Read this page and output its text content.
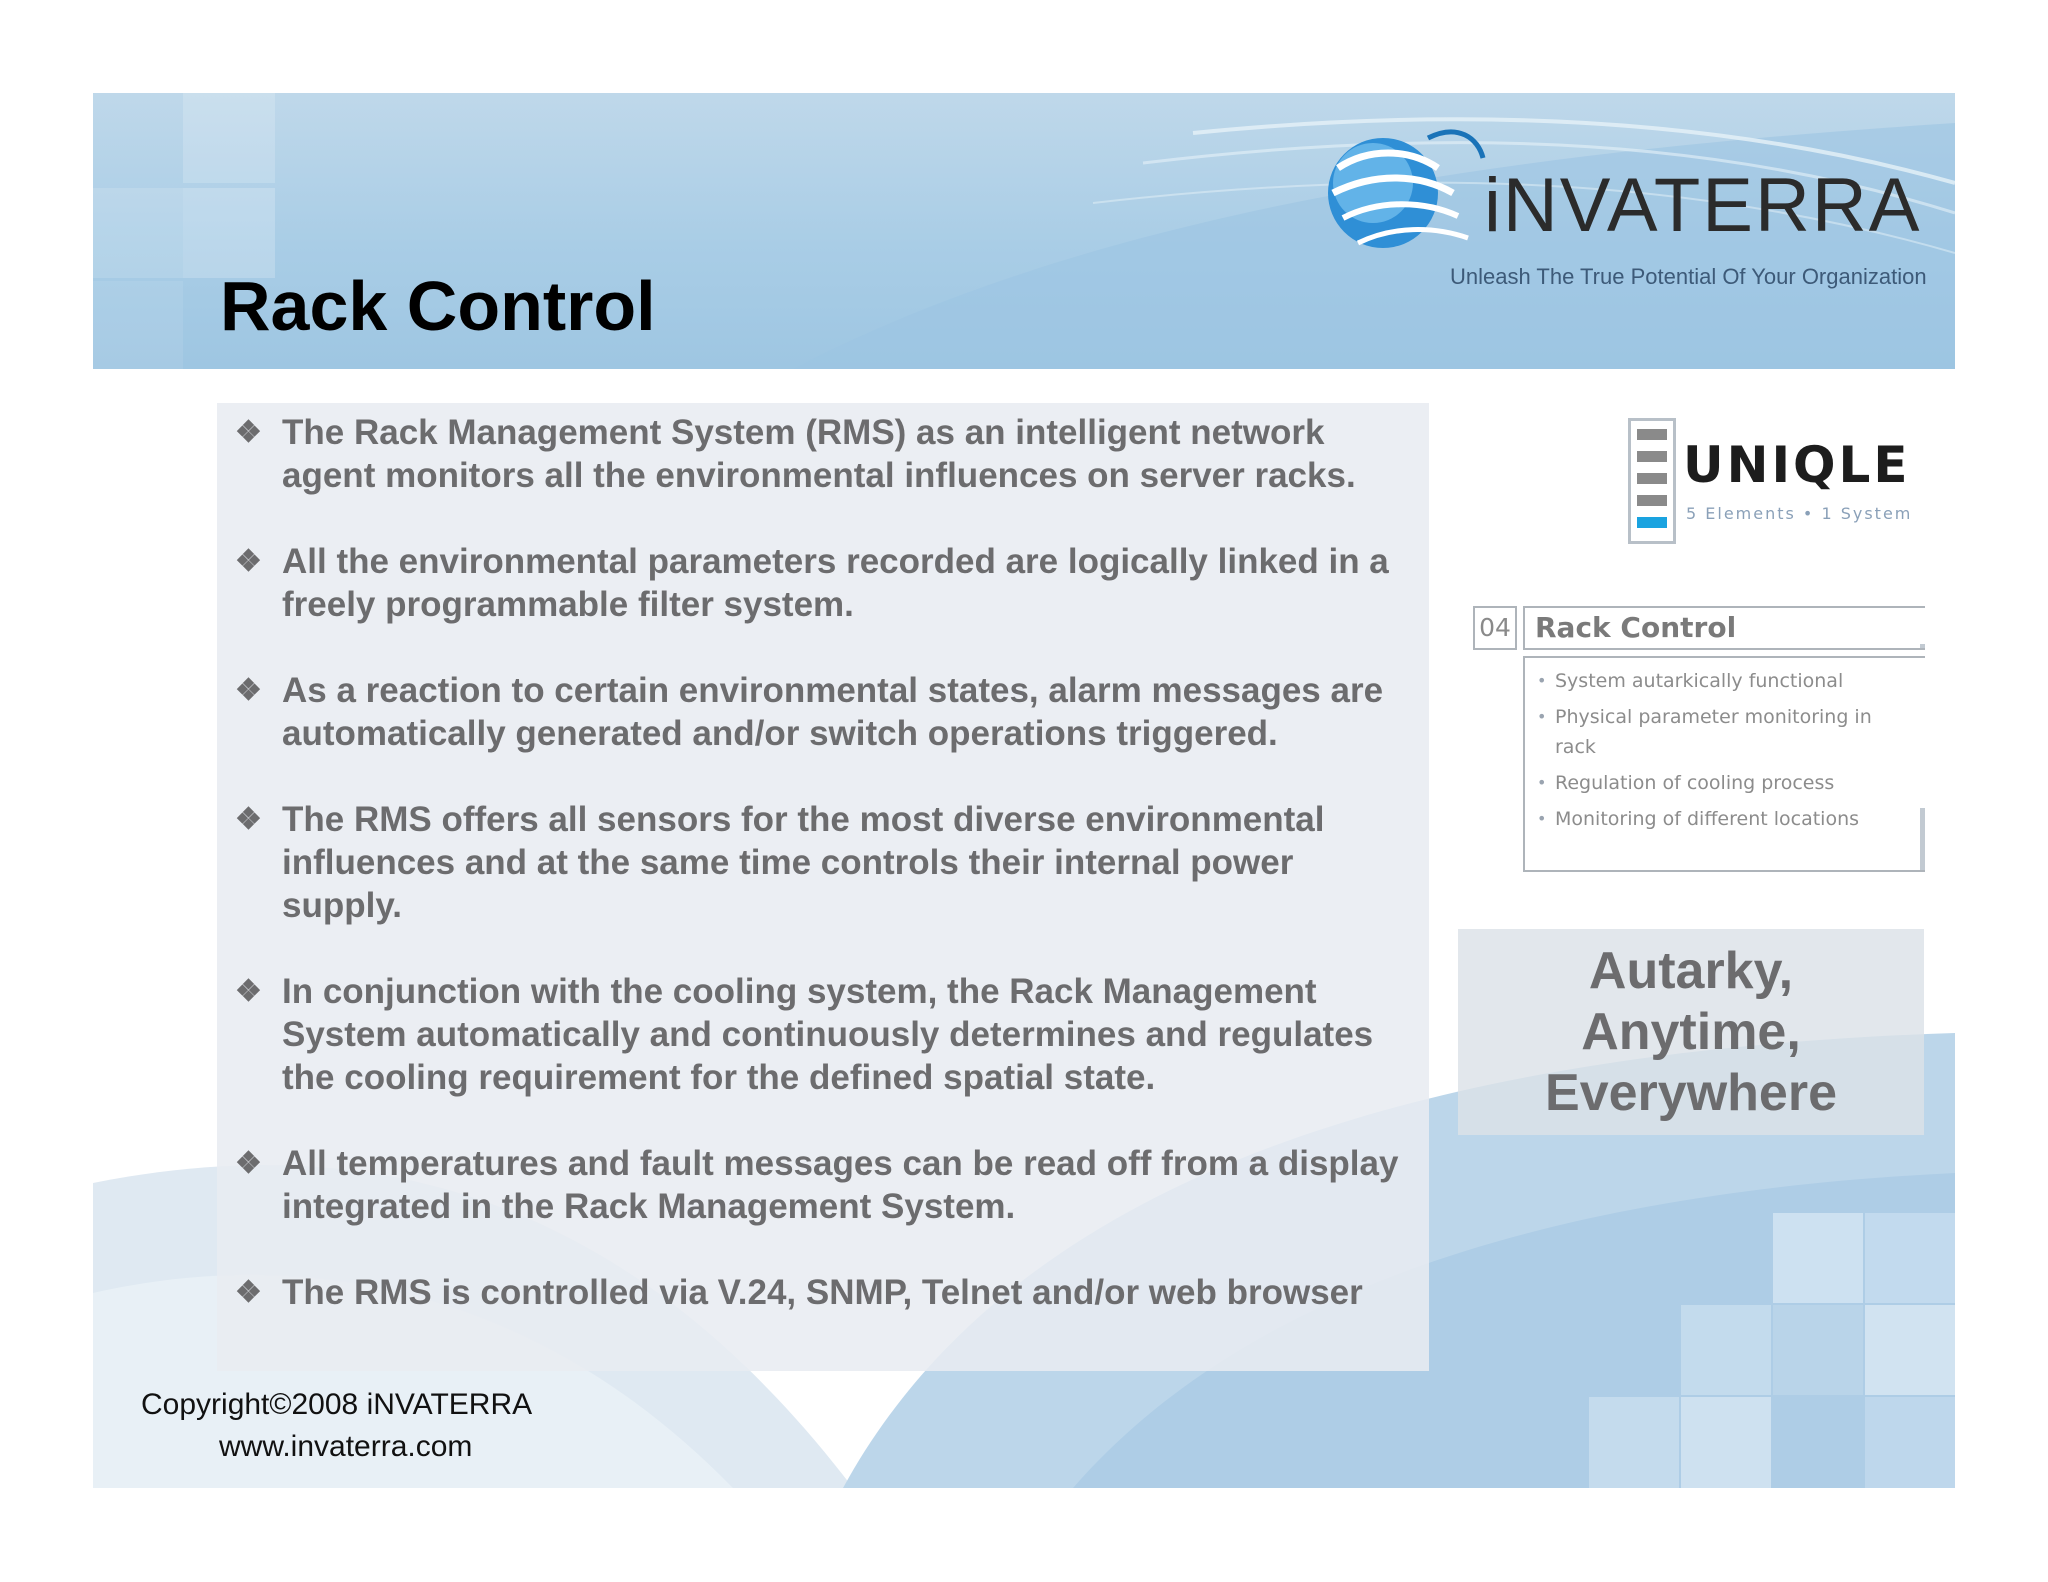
Rack Control
iNVATERRA
Unleash The True Potential Of Your Organization
❖ The Rack Management System (RMS) as an intelligent network agent monitors all the environmental influences on server racks.
❖ All the environmental parameters recorded are logically linked in a freely programmable filter system.
❖ As a reaction to certain environmental states, alarm messages are automatically generated and/or switch operations triggered.
❖ The RMS offers all sensors for the most diverse environmental influences and at the same time controls their internal power supply.
❖ In conjunction with the cooling system, the Rack Management System automatically and continuously determines and regulates the cooling requirement for the defined spatial state.
❖ All temperatures and fault messages can be read off from a display integrated in the Rack Management System.
❖ The RMS is controlled via V.24, SNMP, Telnet and/or web browser
UNIQLE
5 Elements • 1 System
04 Rack Control
• System autarkically functional
• Physical parameter monitoring in rack
• Regulation of cooling process
• Monitoring of different locations

Autarky,
Anytime,
Everywhere

Copyright©2008 iNVATERRA
www.invaterra.com
